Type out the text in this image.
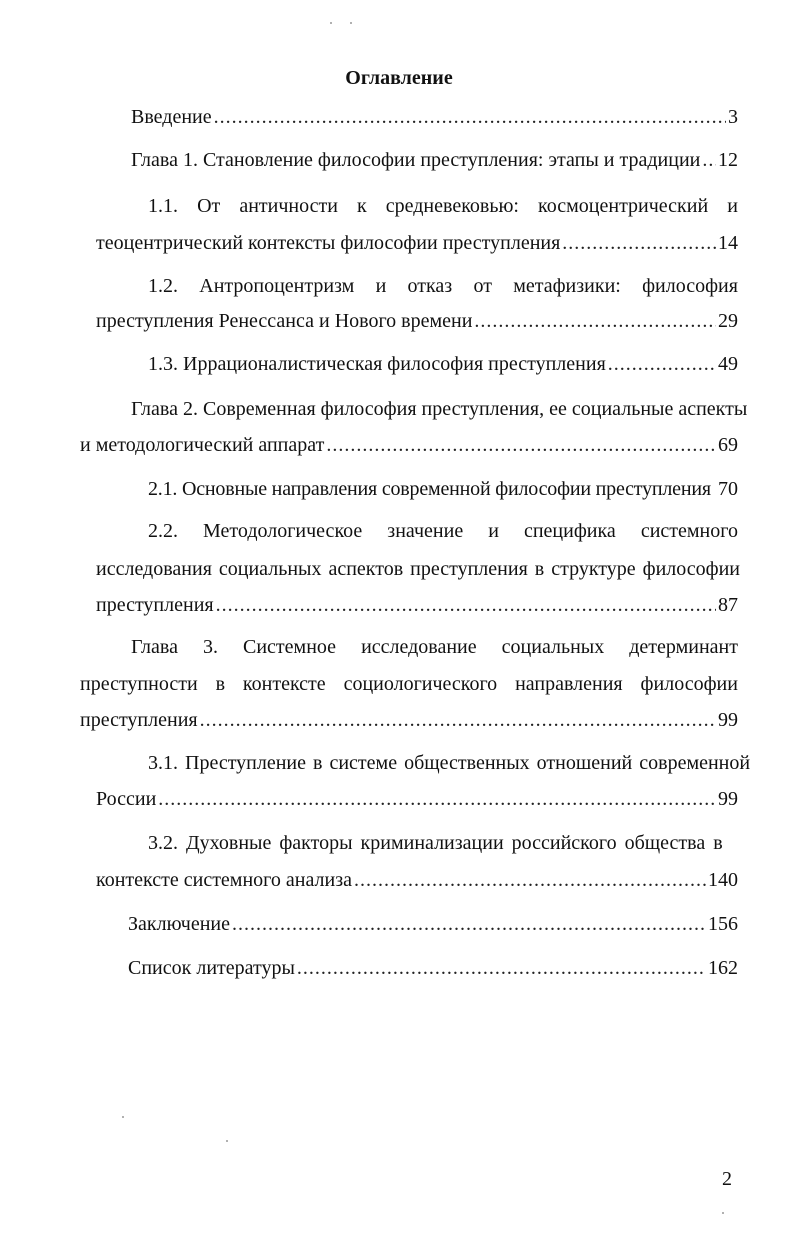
Оглавление
Введение .....	3
Глава 1. Становление философии преступления: этапы и традиции ..... 12
1.1. От античности к средневековью: космоцентрический и
теоцентрический контексты философии преступления .....	14
1.2. Антропоцентризм и отказ от метафизики: философия
преступления Ренессанса и Нового времени .....	29
1.3. Иррационалистическая философия преступления .....	49
Глава 2. Современная философия преступления, ее социальные аспекты
и методологический аппарат .....	69
2.1. Основные направления современной философии преступления 70
2.2. Методологическое значение и специфика системного
исследования социальных аспектов преступления в структуре философии
преступления .....	87
Глава 3. Системное исследование социальных детерминант
преступности в контексте социологического направления философии
преступления .....	99
3.1. Преступление в системе общественных отношений современной
России .....	99
3.2. Духовные факторы криминализации российского общества в
контексте системного анализа .....	140
Заключение .....	156
Список литературы .....	162
2
